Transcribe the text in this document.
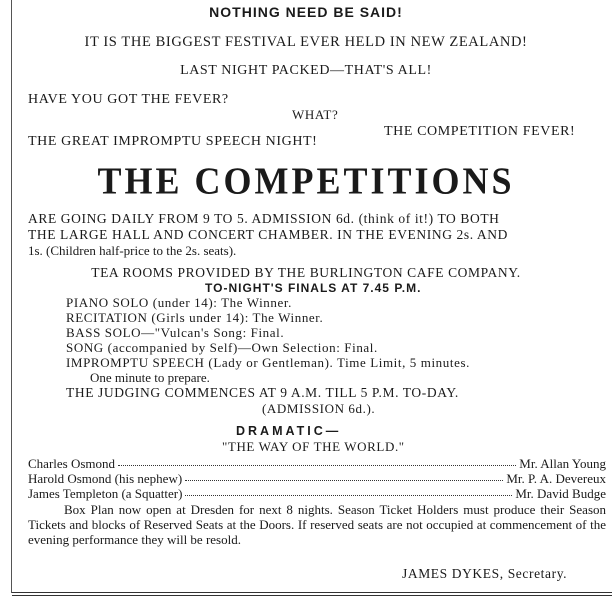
NOTHING NEED BE SAID!
IT IS THE BIGGEST FESTIVAL EVER HELD IN NEW ZEALAND!
LAST NIGHT PACKED—THAT'S ALL!
HAVE YOU GOT THE FEVER?
WHAT?
THE COMPETITION FEVER!
THE GREAT IMPROMPTU SPEECH NIGHT!
THE COMPETITIONS
ARE GOING DAILY FROM 9 TO 5. ADMISSION 6d. (think of it!) TO BOTH
THE LARGE HALL AND CONCERT CHAMBER. IN THE EVENING 2s. AND
1s. (Children half-price to the 2s. seats).
TEA ROOMS PROVIDED BY THE BURLINGTON CAFE COMPANY.
TO-NIGHT'S FINALS AT 7.45 P.M.
PIANO SOLO (under 14): The Winner.
RECITATION (Girls under 14): The Winner.
BASS SOLO—"Vulcan's Song: Final.
SONG (accompanied by Self)—Own Selection: Final.
IMPROMPTU SPEECH (Lady or Gentleman). Time Limit, 5 minutes.
One minute to prepare.
THE JUDGING COMMENCES AT 9 A.M. TILL 5 P.M. TO-DAY.
(ADMISSION 6d.).
DRAMATIC—
"THE WAY OF THE WORLD."
Charles Osmond	Mr. Allan Young
Harold Osmond (his nephew)	Mr. P. A. Devereux
James Templeton (a Squatter)	Mr. David Budge
Box Plan now open at Dresden for next 8 nights. Season Ticket Holders must produce their Season Tickets and blocks of Reserved Seats at the Doors. If reserved seats are not occupied at commencement of the evening performance they will be resold.
JAMES DYKES, Secretary.
